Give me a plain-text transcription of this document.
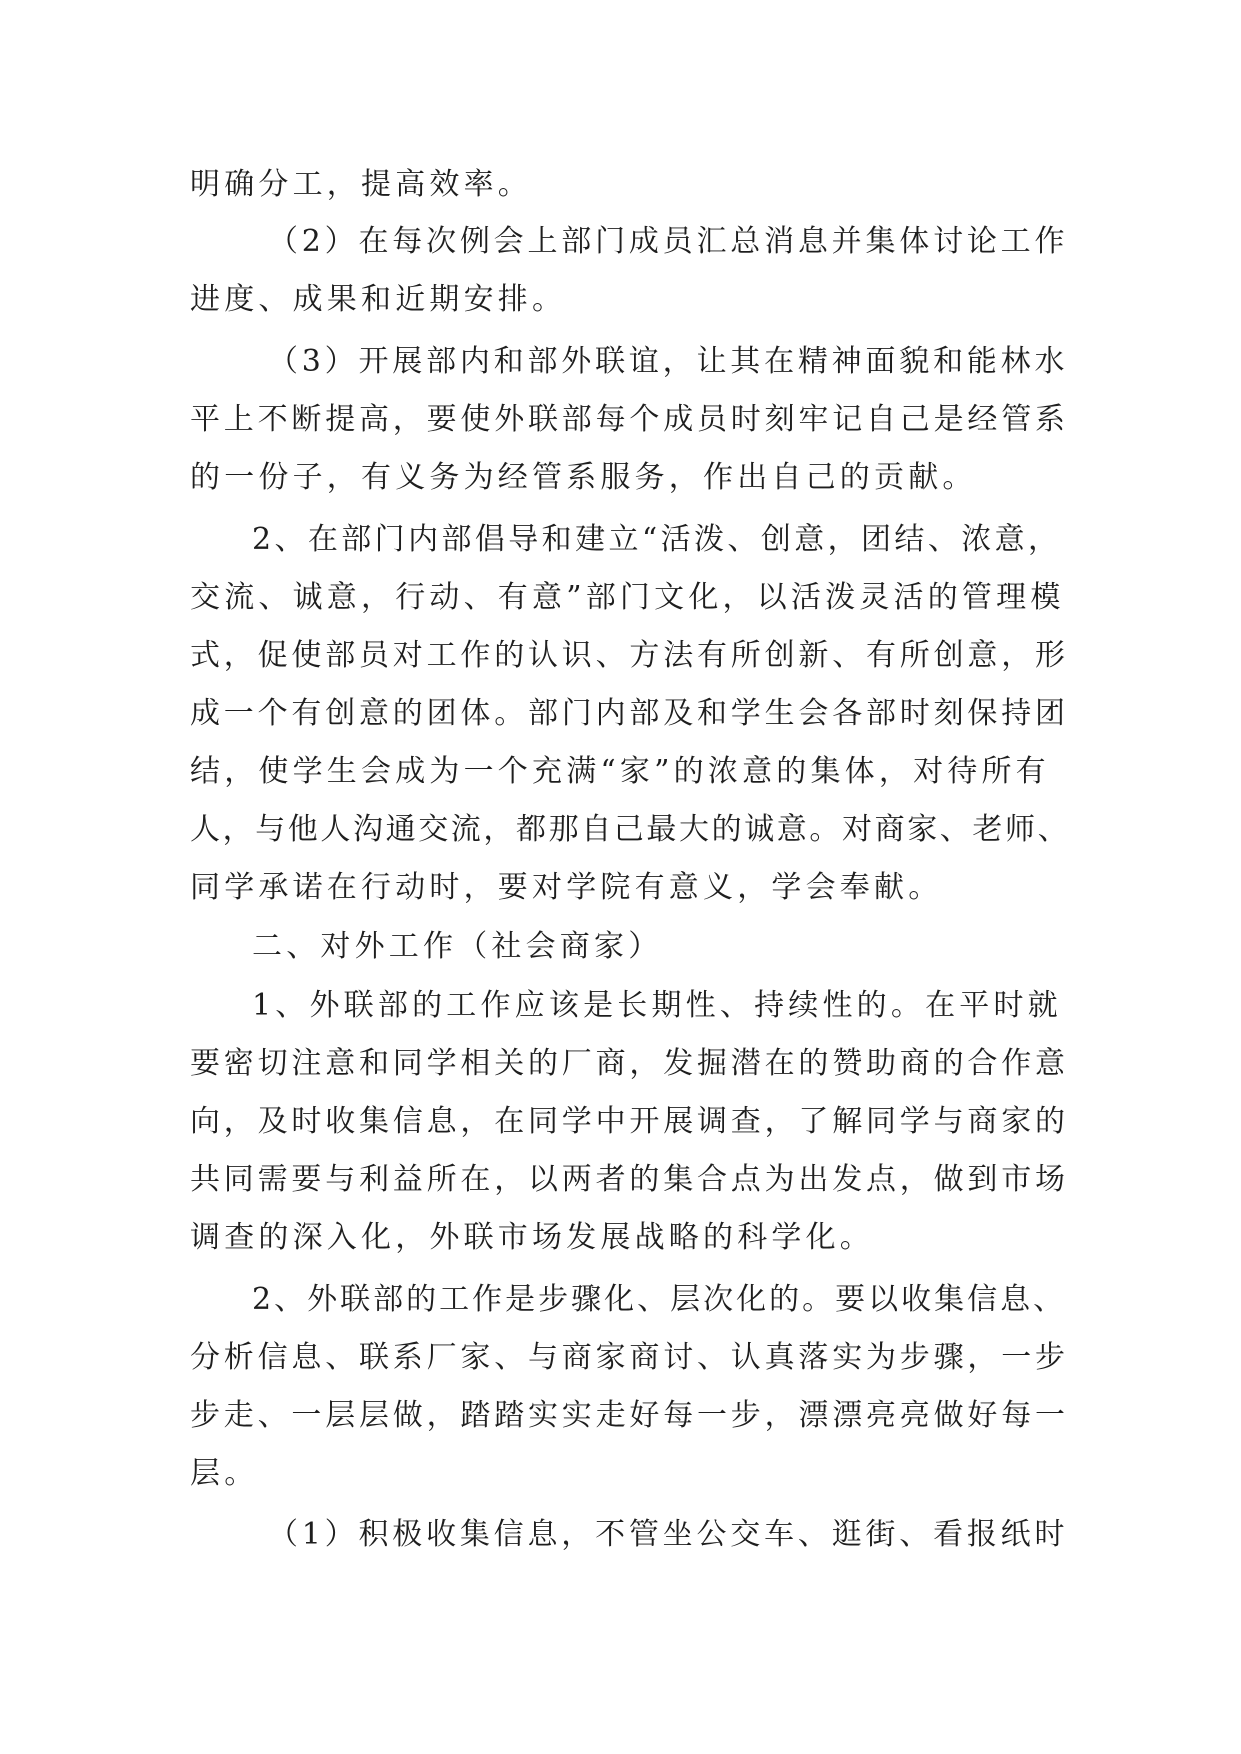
明确分工，提高效率。
（2）在每次例会上部门成员汇总消息并集体讨论工作
进度、成果和近期安排。
（3）开展部内和部外联谊，让其在精神面貌和能林水
平上不断提高，要使外联部每个成员时刻牢记自己是经管系
的一份子，有义务为经管系服务，作出自己的贡献。
2、在部门内部倡导和建立“活泼、创意，团结、浓意，
交流、诚意，行动、有意”部门文化，以活泼灵活的管理模
式，促使部员对工作的认识、方法有所创新、有所创意，形
成一个有创意的团体。部门内部及和学生会各部时刻保持团
结，使学生会成为一个充满“家”的浓意的集体，对待所有
人，与他人沟通交流，都那自己最大的诚意。对商家、老师、
同学承诺在行动时，要对学院有意义，学会奉献。
二、对外工作（社会商家）
1、外联部的工作应该是长期性、持续性的。在平时就
要密切注意和同学相关的厂商，发掘潜在的赞助商的合作意
向，及时收集信息，在同学中开展调查，了解同学与商家的
共同需要与利益所在，以两者的集合点为出发点，做到市场
调查的深入化，外联市场发展战略的科学化。
2、外联部的工作是步骤化、层次化的。要以收集信息、
分析信息、联系厂家、与商家商讨、认真落实为步骤，一步
步走、一层层做，踏踏实实走好每一步，漂漂亮亮做好每一
层。
（1）积极收集信息，不管坐公交车、逛街、看报纸时
